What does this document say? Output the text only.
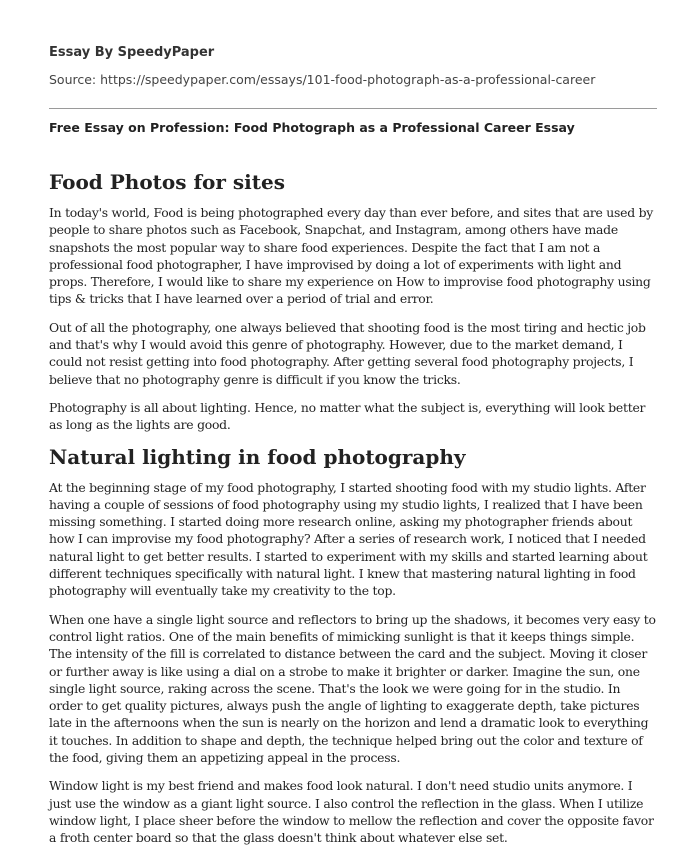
Essay By SpeedyPaper
Source: https://speedypaper.com/essays/101-food-photograph-as-a-professional-career
Free Essay on Profession: Food Photograph as a Professional Career Essay
Food Photos for sites

In today's world, Food is being photographed every day than ever before, and sites that are used by people to share photos such as Facebook, Snapchat, and Instagram, among others have made snapshots the most popular way to share food experiences. Despite the fact that I am not a professional food photographer, I have improvised by doing a lot of experiments with light and props. Therefore, I would like to share my experience on How to improvise food photography using tips & tricks that I have learned over a period of trial and error.

Out of all the photography, one always believed that shooting food is the most tiring and hectic job and that's why I would avoid this genre of photography. However, due to the market demand, I could not resist getting into food photography. After getting several food photography projects, I believe that no photography genre is difficult if you know the tricks.

Photography is all about lighting. Hence, no matter what the subject is, everything will look better as long as the lights are good.

Natural lighting in food photography

At the beginning stage of my food photography, I started shooting food with my studio lights. After having a couple of sessions of food photography using my studio lights, I realized that I have been missing something. I started doing more research online, asking my photographer friends about how I can improvise my food photography? After a series of research work, I noticed that I needed natural light to get better results. I started to experiment with my skills and started learning about different techniques specifically with natural light. I knew that mastering natural lighting in food photography will eventually take my creativity to the top.

When one have a single light source and reflectors to bring up the shadows, it becomes very easy to control light ratios. One of the main benefits of mimicking sunlight is that it keeps things simple. The intensity of the fill is correlated to distance between the card and the subject. Moving it closer or further away is like using a dial on a strobe to make it brighter or darker. Imagine the sun, one single light source, raking across the scene. That's the look we were going for in the studio. In order to get quality pictures, always push the angle of lighting to exaggerate depth, take pictures late in the afternoons when the sun is nearly on the horizon and lend a dramatic look to everything it touches. In addition to shape and depth, the technique helped bring out the color and texture of the food, giving them an appetizing appeal in the process.

Window light is my best friend and makes food look natural. I don't need studio units anymore. I just use the window as a giant light source. I also control the reflection in the glass. When I utilize window light, I place sheer before the window to mellow the reflection and cover the opposite favor a froth center board so that the glass doesn't think about whatever else set.
